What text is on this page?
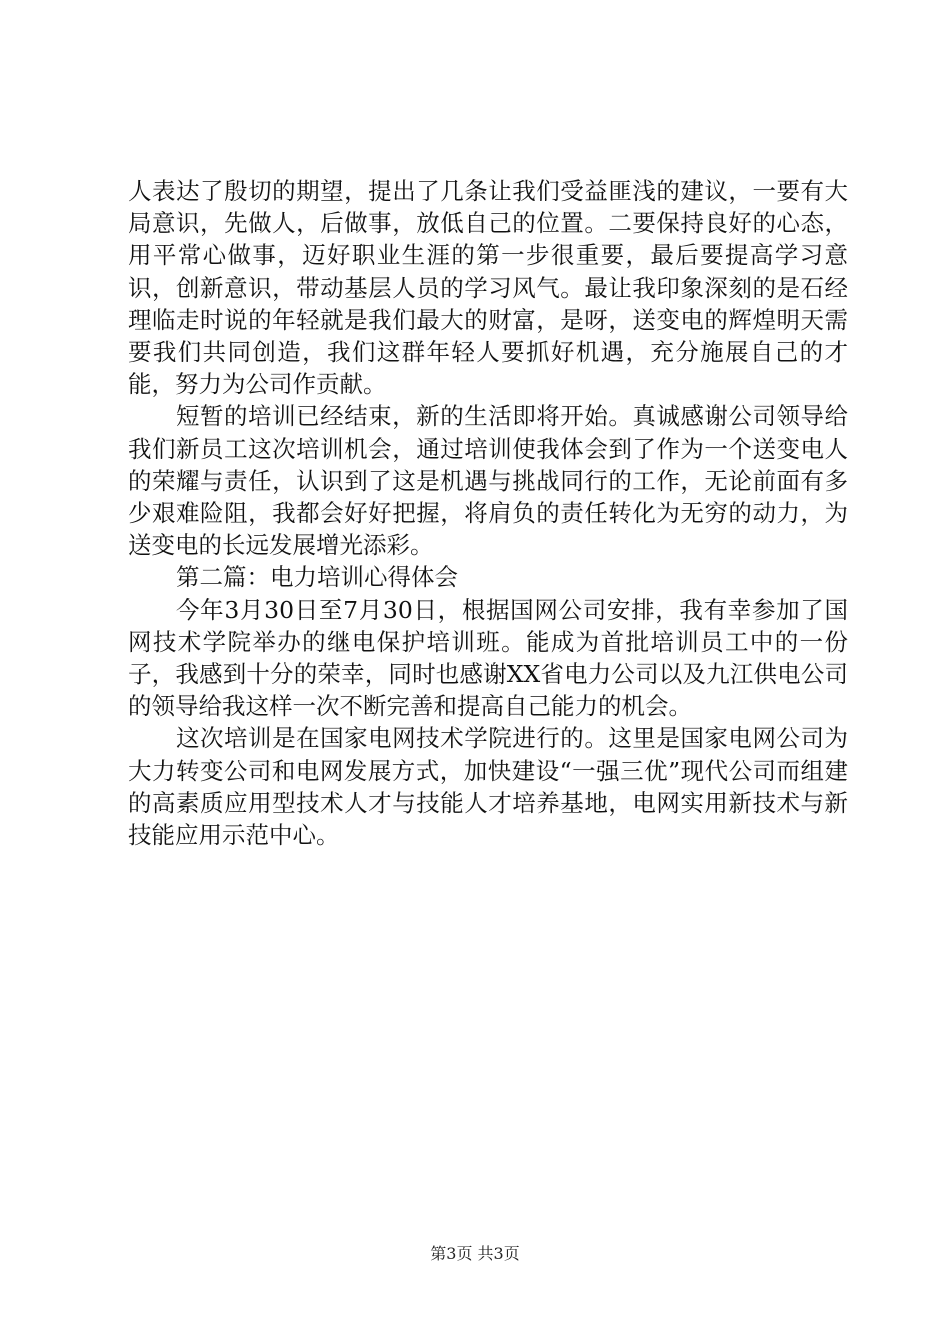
人表达了殷切的期望，提出了几条让我们受益匪浅的建议，一要有大局意识，先做人，后做事，放低自己的位置。二要保持良好的心态，用平常心做事，迈好职业生涯的第一步很重要，最后要提高学习意识，创新意识，带动基层人员的学习风气。最让我印象深刻的是石经理临走时说的年轻就是我们最大的财富，是呀，送变电的辉煌明天需要我们共同创造，我们这群年轻人要抓好机遇，充分施展自己的才能，努力为公司作贡献。

短暂的培训已经结束，新的生活即将开始。真诚感谢公司领导给我们新员工这次培训机会，通过培训使我体会到了作为一个送变电人的荣耀与责任，认识到了这是机遇与挑战同行的工作，无论前面有多少艰难险阻，我都会好好把握，将肩负的责任转化为无穷的动力，为送变电的长远发展增光添彩。

第二篇：电力培训心得体会

今年3月30日至7月30日，根据国网公司安排，我有幸参加了国网技术学院举办的继电保护培训班。能成为首批培训员工中的一份子，我感到十分的荣幸，同时也感谢XX省电力公司以及九江供电公司的领导给我这样一次不断完善和提高自己能力的机会。

这次培训是在国家电网技术学院进行的。这里是国家电网公司为大力转变公司和电网发展方式，加快建设“一强三优”现代公司而组建的高素质应用型技术人才与技能人才培养基地，电网实用新技术与新技能应用示范中心。

第3页 共3页
